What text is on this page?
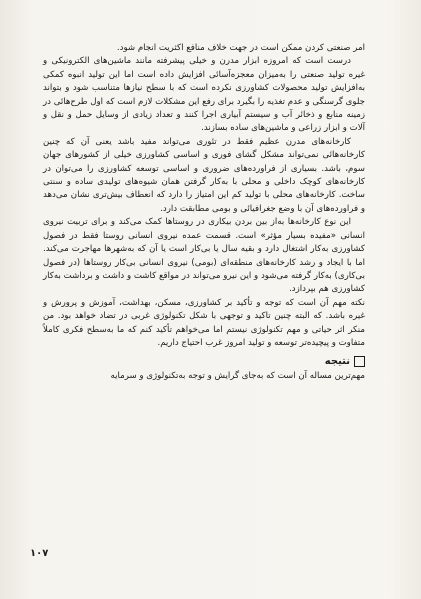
امر صنعتی کردن ممکن است در جهت خلاف منافع اکثریت انجام شود.

درست است که امروزه ابزار مدرن و خیلی پیشرفته مانند ماشین‌های الکترونیکی و غیره تولید صنعتی را به‌میزان معجزه‌آسائی افزایش داده است اما این تولید انبوه کمکی به‌افزایش تولید محصولات کشاورزی نکرده است که با سطح نیازها متناسب شود و بتواند جلوی گرسنگی و عدم تغذیه را بگیرد برای رفع این مشکلات لازم است که اول طرح‌هائی در زمینه منابع و ذخائر آب و سیستم آبیاری اجرا کنند و تعداد زیادی از وسایل حمل و نقل و آلات و ابزار زراعی و ماشین‌های ساده بسازند.

کارخانه‌های مدرن عظیم فقط در تئوری می‌تواند مفید باشد یعنی آن که چنین کارخانه‌هائی نمی‌تواند مشکل گشای فوری و اساسی کشاورزی خیلی از کشورهای جهان سوم، باشد. بسیاری از فراورده‌های ضروری و اساسی توسعه کشاورزی را می‌توان در کارخانه‌های کوچک داخلی و محلی با به‌کار گرفتن همان شیوه‌های تولیدی ساده و سنتی ساخت. کارخانه‌های محلی با تولید کم این امتیاز را دارد که انعطاف بیش‌تری نشان می‌دهد و فراورده‌های آن با وضع جغرافیائی و بومی مطابقت دارد.

این نوع کارخانه‌ها به‌از بین بردن بیکاری در روستاها کمک می‌کند و برای تربیت نیروی انسانی «مفیده بسیار مؤثر» است. قسمت عمده نیروی انسانی روستا فقط در فصول کشاورزی به‌کار اشتغال دارد و بقیه سال یا بی‌کار است یا آن که به‌شهرها مهاجرت می‌کند. اما با ایجاد و رشد کارخانه‌های منطقه‌ای (بومی) نیروی انسانی بی‌کار روستاها (در فصول بی‌کاری) به‌کار گرفته می‌شود و این نیرو می‌تواند در مواقع کاشت و داشت و برداشت به‌کار کشاورزی هم بپردازد.

نکته مهم آن است که توجه و تأکید بر کشاورزی، مسکن، بهداشت، آموزش و پرورش و غیره باشد. که البته چنین تاکید و توجهی با شکل تکنولوژی غربی در تضاد خواهد بود. من منکر اثر حیاتی و مهم تکنولوژی نیستم اما می‌خواهم تأکید کنم که ما به‌سطح فکری کاملاً متفاوت و پیچیده‌تر توسعه و تولید امروز غرب احتیاج داریم.

نتیجه

مهم‌ترین مساله آن است که به‌جای گرایش و توجه به‌تکنولوژی و سرمایه

۱۰۷
